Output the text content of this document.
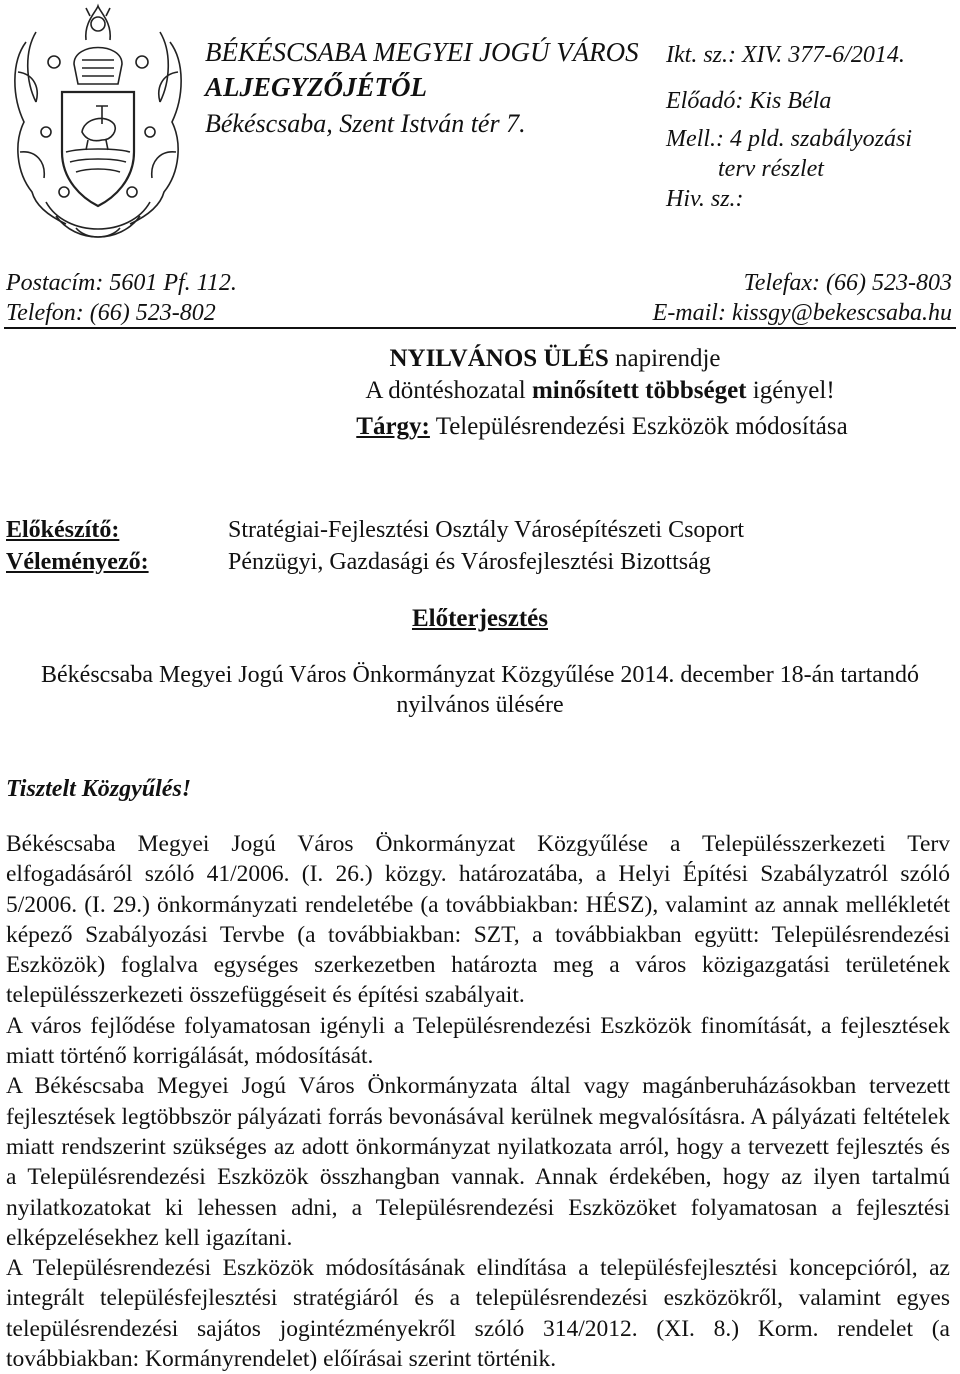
BÉKÉSCSABA MEGYEI JOGÚ VÁROS
ALJEGYZŐJÉTŐL
Békéscsaba, Szent István tér 7.
Ikt. sz.: XIV. 377-6/2014.
Előadó: Kis Béla
Mell.: 4 pld. szabályozási
terv részlet
Hiv. sz.:
Postacím: 5601 Pf. 112.
Telefon: (66) 523-802
Telefax: (66) 523-803
E-mail: kissgy@bekescsaba.hu
NYILVÁNOS ÜLÉS napirendje
A döntéshozatal minősített többséget igényel!
Tárgy: Településrendezési Eszközök módosítása
Előkészítő:
Véleményező:
Stratégiai-Fejlesztési Osztály Városépítészeti Csoport
Pénzügyi, Gazdasági és Városfejlesztési Bizottság
Előterjesztés
Békéscsaba Megyei Jogú Város Önkormányzat Közgyűlése 2014. december 18-án tartandó
nyilvános ülésére
Tisztelt Közgyűlés!

Békéscsaba Megyei Jogú Város Önkormányzat Közgyűlése a Településszerkezeti Terv elfogadásáról szóló 41/2006. (I. 26.) közgy. határozatába, a Helyi Építési Szabályzatról szóló 5/2006. (I. 29.) önkormányzati rendeletébe (a továbbiakban: HÉSZ), valamint az annak mellékletét képező Szabályozási Tervbe (a továbbiakban: SZT, a továbbiakban együtt: Településrendezési Eszközök) foglalva egységes szerkezetben határozta meg a város közigazgatási területének településszerkezeti összefüggéseit és építési szabályait.

A város fejlődése folyamatosan igényli a Településrendezési Eszközök finomítását, a fejlesztések miatt történő korrigálását, módosítását.

A Békéscsaba Megyei Jogú Város Önkormányzata által vagy magánberuházásokban tervezett fejlesztések legtöbbször pályázati forrás bevonásával kerülnek megvalósításra. A pályázati feltételek miatt rendszerint szükséges az adott önkormányzat nyilatkozata arról, hogy a tervezett fejlesztés és a Településrendezési Eszközök összhangban vannak. Annak érdekében, hogy az ilyen tartalmú nyilatkozatokat ki lehessen adni, a Településrendezési Eszközöket folyamatosan a fejlesztési elképzelésekhez kell igazítani.

A Településrendezési Eszközök módosításának elindítása a településfejlesztési koncepcióról, az integrált településfejlesztési stratégiáról és a településrendezési eszközökről, valamint egyes településrendezési sajátos jogintézményekről szóló 314/2012. (XI. 8.) Korm. rendelet (a továbbiakban: Kormányrendelet) előírásai szerint történik.
